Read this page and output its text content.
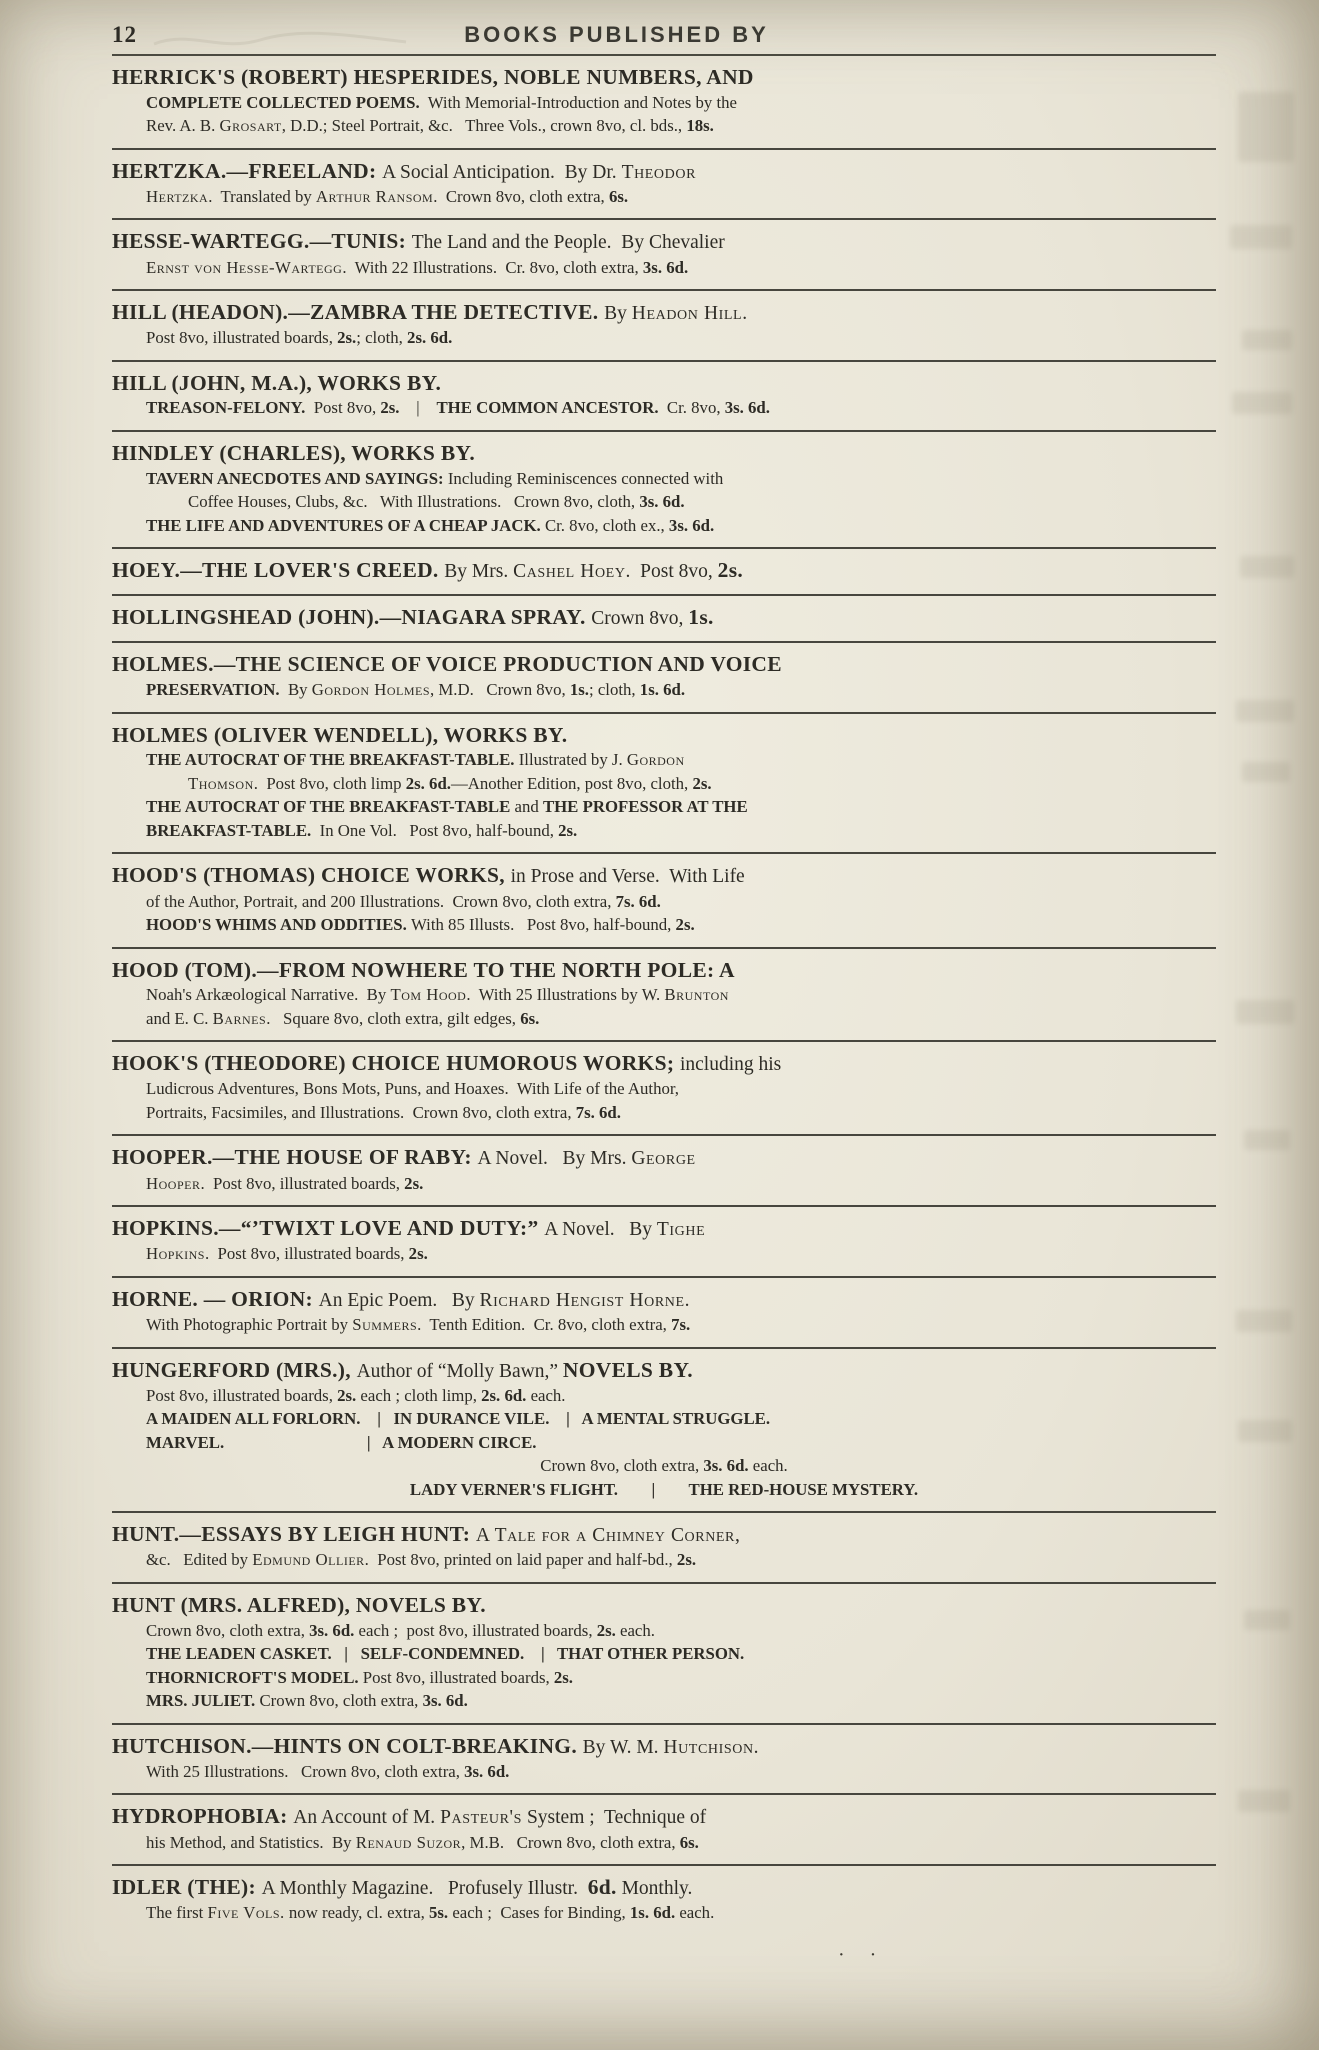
12	BOOKS PUBLISHED BY
HERRICK'S (ROBERT) HESPERIDES, NOBLE NUMBERS, AND
COMPLETE COLLECTED POEMS.  With Memorial-Introduction and Notes by the
Rev. A. B. Grosart, D.D.; Steel Portrait, &c.   Three Vols., crown 8vo, cl. bds., 18s.
HERTZKA.—FREELAND: A Social Anticipation.  By Dr. Theodor
Hertzka.  Translated by Arthur Ransom.  Crown 8vo, cloth extra, 6s.
HESSE-WARTEGG.—TUNIS: The Land and the People.  By Chevalier
Ernst von Hesse-Wartegg.  With 22 Illustrations.  Cr. 8vo, cloth extra, 3s. 6d.
HILL (HEADON).—ZAMBRA THE DETECTIVE. By Headon Hill.
Post 8vo, illustrated boards, 2s.; cloth, 2s. 6d.
HILL (JOHN, M.A.), WORKS BY.
TREASON-FELONY.  Post 8vo, 2s.    |    THE COMMON ANCESTOR.  Cr. 8vo, 3s. 6d.
HINDLEY (CHARLES), WORKS BY.
TAVERN ANECDOTES AND SAYINGS: Including Reminiscences connected with
Coffee Houses, Clubs, &c.   With Illustrations.   Crown 8vo, cloth, 3s. 6d.
THE LIFE AND ADVENTURES OF A CHEAP JACK. Cr. 8vo, cloth ex., 3s. 6d.
HOEY.—THE LOVER'S CREED. By Mrs. Cashel Hoey.  Post 8vo, 2s.
HOLLINGSHEAD (JOHN).—NIAGARA SPRAY. Crown 8vo, 1s.
HOLMES.—THE SCIENCE OF VOICE PRODUCTION AND VOICE
PRESERVATION.  By Gordon Holmes, M.D.   Crown 8vo, 1s.; cloth, 1s. 6d.
HOLMES (OLIVER WENDELL), WORKS BY.
THE AUTOCRAT OF THE BREAKFAST-TABLE. Illustrated by J. Gordon
Thomson.  Post 8vo, cloth limp 2s. 6d.—Another Edition, post 8vo, cloth, 2s.
THE AUTOCRAT OF THE BREAKFAST-TABLE and THE PROFESSOR AT THE
BREAKFAST-TABLE.  In One Vol.   Post 8vo, half-bound, 2s.
HOOD'S (THOMAS) CHOICE WORKS, in Prose and Verse.  With Life
of the Author, Portrait, and 200 Illustrations.  Crown 8vo, cloth extra, 7s. 6d.
HOOD'S WHIMS AND ODDITIES. With 85 Illusts.   Post 8vo, half-bound, 2s.
HOOD (TOM).—FROM NOWHERE TO THE NORTH POLE: A
Noah's Arkæological Narrative.  By Tom Hood.  With 25 Illustrations by W. Brunton
and E. C. Barnes.   Square 8vo, cloth extra, gilt edges, 6s.
HOOK'S (THEODORE) CHOICE HUMOROUS WORKS; including his
Ludicrous Adventures, Bons Mots, Puns, and Hoaxes.  With Life of the Author,
Portraits, Facsimiles, and Illustrations.  Crown 8vo, cloth extra, 7s. 6d.
HOOPER.—THE HOUSE OF RABY: A Novel.   By Mrs. George
Hooper.  Post 8vo, illustrated boards, 2s.
HOPKINS.—“’TWIXT LOVE AND DUTY:” A Novel.   By Tighe
Hopkins.  Post 8vo, illustrated boards, 2s.
HORNE. — ORION: An Epic Poem.   By Richard Hengist Horne.
With Photographic Portrait by Summers.  Tenth Edition.  Cr. 8vo, cloth extra, 7s.
HUNGERFORD (MRS.), Author of “Molly Bawn,” NOVELS BY.
Post 8vo, illustrated boards, 2s. each ; cloth limp, 2s. 6d. each.
A MAIDEN ALL FORLORN.    |   IN DURANCE VILE.    |   A MENTAL STRUGGLE.
MARVEL.                                  |   A MODERN CIRCE.
Crown 8vo, cloth extra, 3s. 6d. each.
LADY VERNER'S FLIGHT.        |        THE RED-HOUSE MYSTERY.
HUNT.—ESSAYS BY LEIGH HUNT: A Tale for a Chimney Corner,
&c.   Edited by Edmund Ollier.  Post 8vo, printed on laid paper and half-bd., 2s.
HUNT (MRS. ALFRED), NOVELS BY.
Crown 8vo, cloth extra, 3s. 6d. each ;  post 8vo, illustrated boards, 2s. each.
THE LEADEN CASKET.   |   SELF-CONDEMNED.    |   THAT OTHER PERSON.
THORNICROFT'S MODEL. Post 8vo, illustrated boards, 2s.
MRS. JULIET. Crown 8vo, cloth extra, 3s. 6d.
HUTCHISON.—HINTS ON COLT-BREAKING. By W. M. Hutchison.
With 25 Illustrations.   Crown 8vo, cloth extra, 3s. 6d.
HYDROPHOBIA: An Account of M. Pasteur's System ;  Technique of
his Method, and Statistics.  By Renaud Suzor, M.B.   Crown 8vo, cloth extra, 6s.
IDLER (THE): A Monthly Magazine.   Profusely Illustr.  6d. Monthly.
The first Five Vols. now ready, cl. extra, 5s. each ;  Cases for Binding, 1s. 6d. each.
· ·
